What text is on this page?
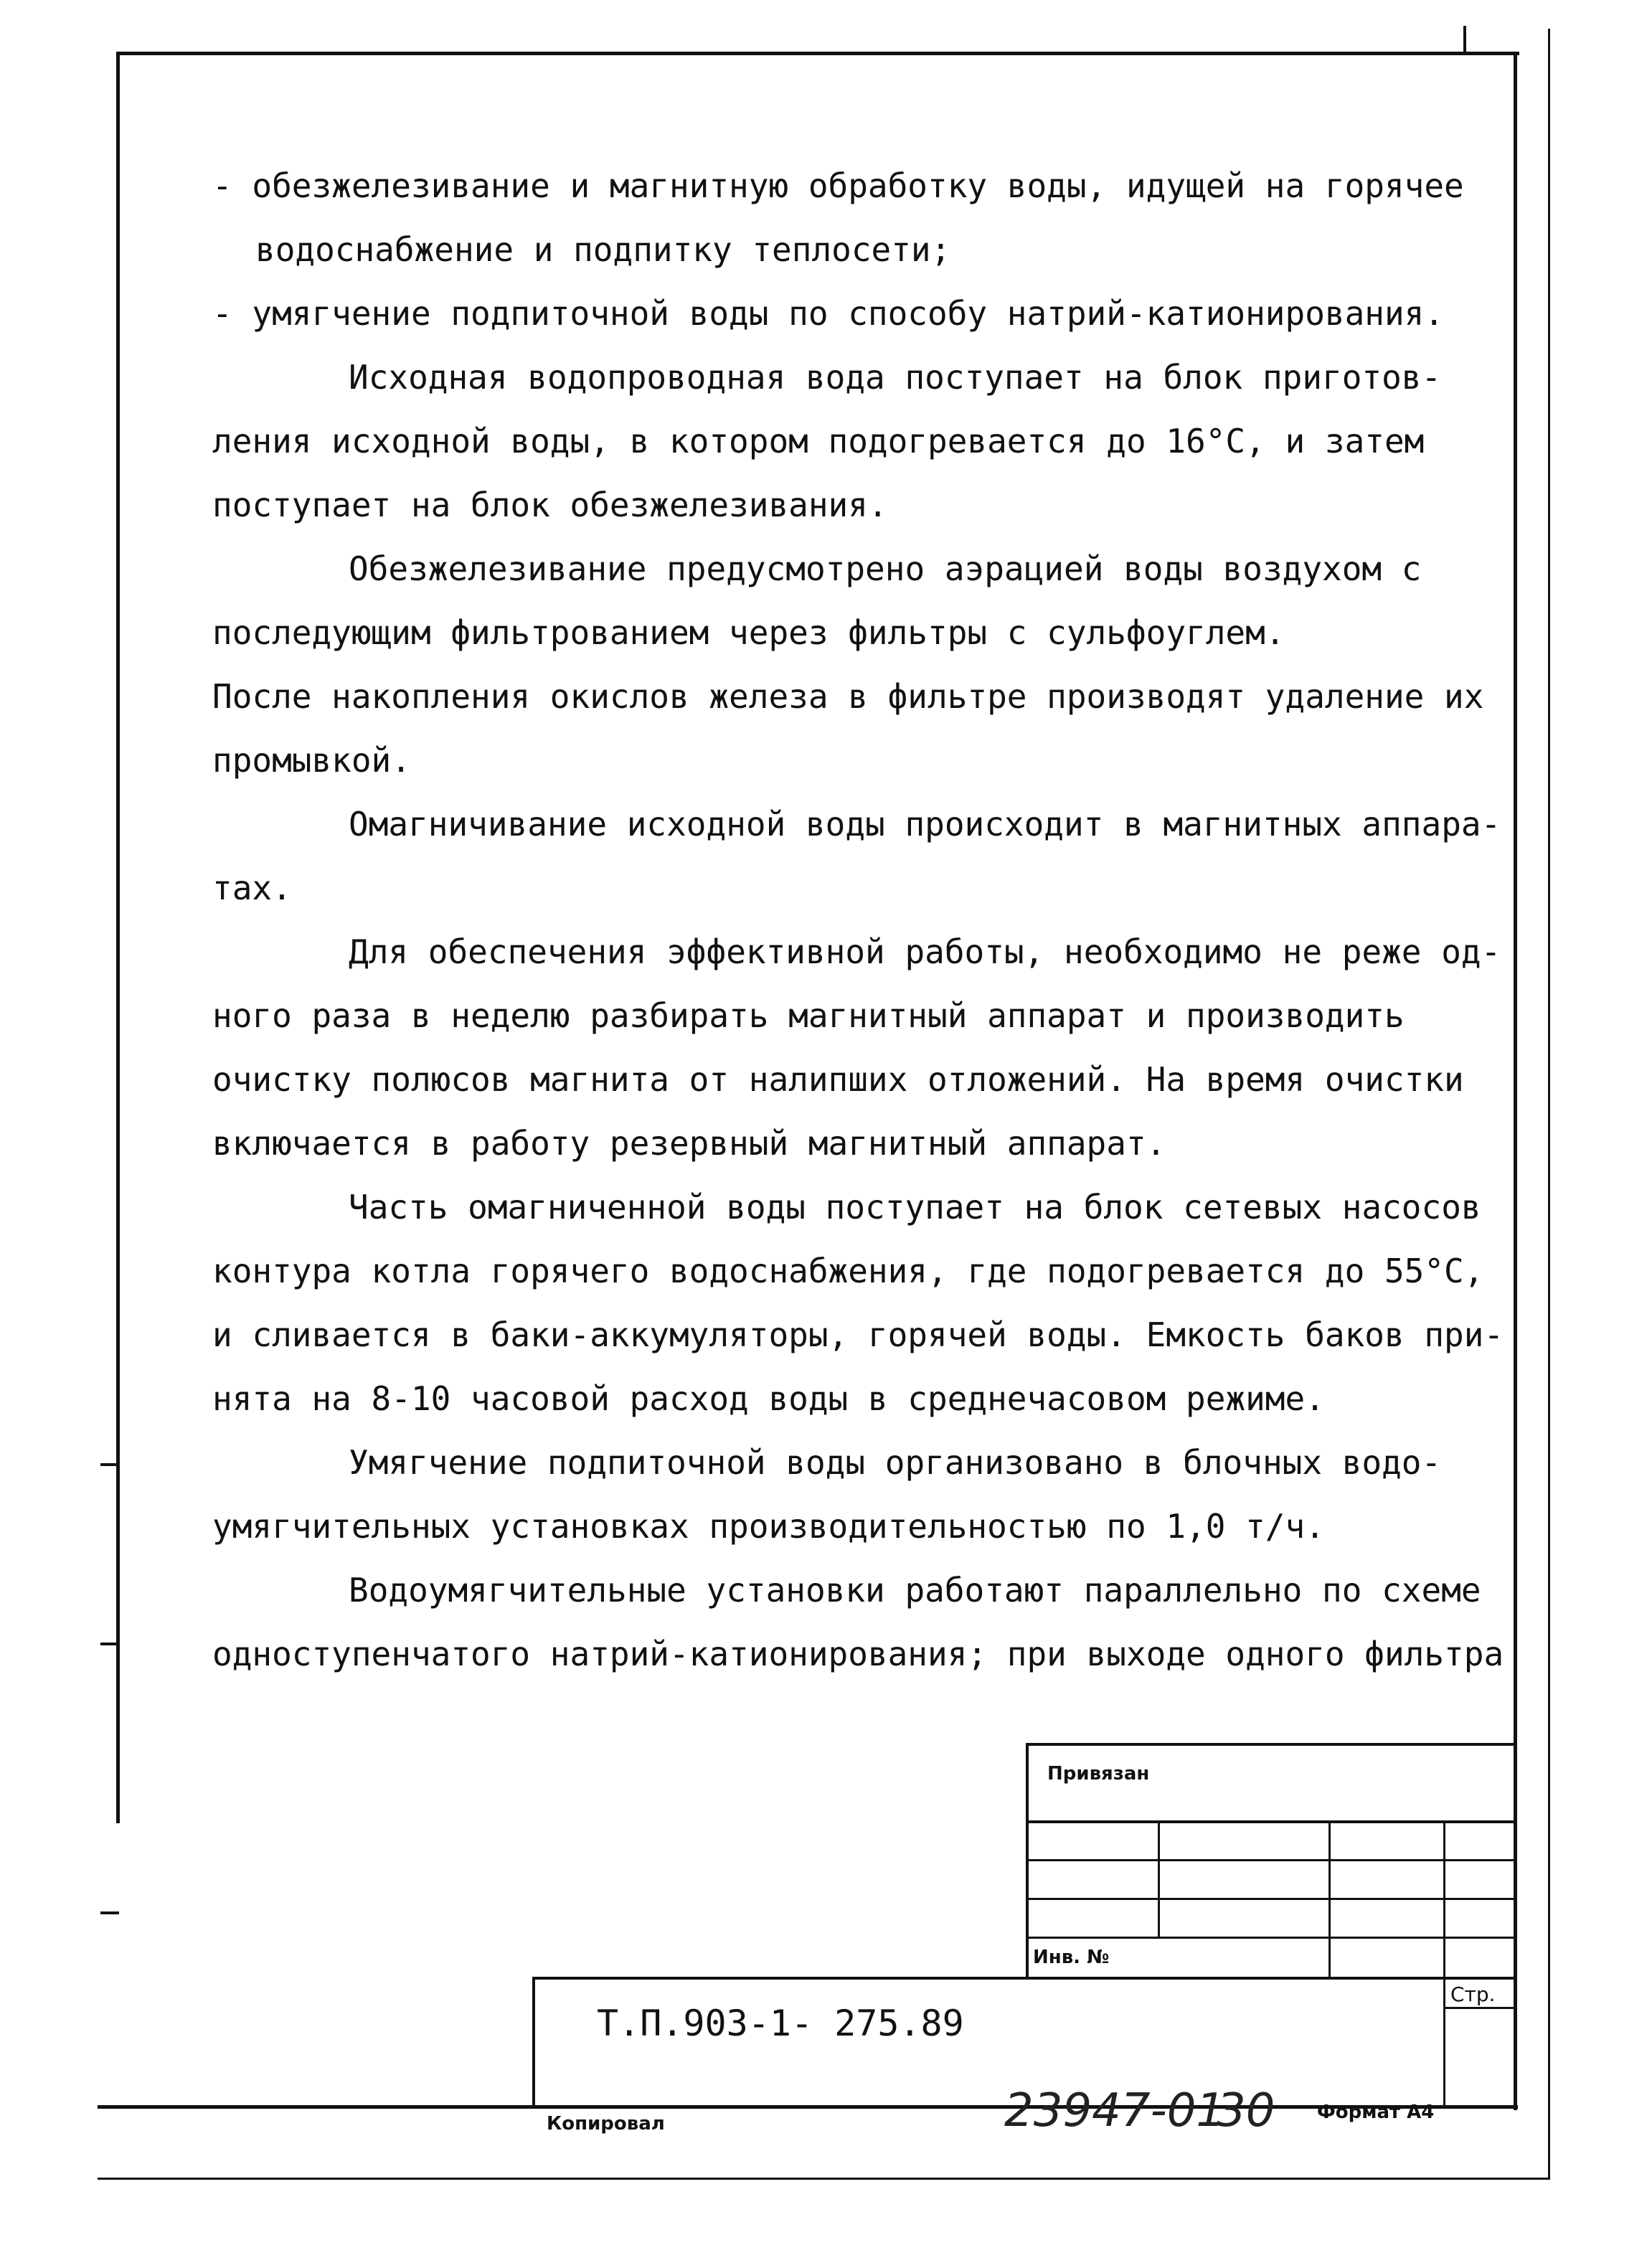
- обезжелезивание и магнитную обработку воды, идущей на горячее
водоснабжение и подпитку теплосети;
- умягчение подпиточной воды по способу натрий-катионирования.
Исходная водопроводная вода поступает на блок приготов-
ления исходной воды, в котором подогревается до 16°С, и затем
поступает на блок обезжелезивания.
Обезжелезивание предусмотрено аэрацией воды воздухом с
последующим фильтрованием через фильтры с сульфоуглем.
После накопления окислов железа в фильтре производят удаление их
промывкой.
Омагничивание исходной воды происходит в магнитных аппара-
тах.
Для обеспечения эффективной работы, необходимо не реже од-
ного раза в неделю разбирать магнитный аппарат и производить
очистку полюсов магнита от налипших отложений. На время очистки
включается в работу резервный магнитный аппарат.
Часть омагниченной воды поступает на блок сетевых насосов
контура котла горячего водоснабжения, где подогревается до 55°С,
и сливается в баки-аккумуляторы, горячей воды. Емкость баков при-
нята на 8-10 часовой расход воды в среднечасовом режиме.
Умягчение подпиточной воды организовано в блочных водо-
умягчительных установках производительностью по 1,0 т/ч.
Водоумягчительные установки работают параллельно по схеме
одноступенчатого натрий-катионирования; при выходе одного фильтра
Привязан
Инв. №
Стр.
Т.П.903-1- 275.89
Копировал	23947-01
30 Формат А4
